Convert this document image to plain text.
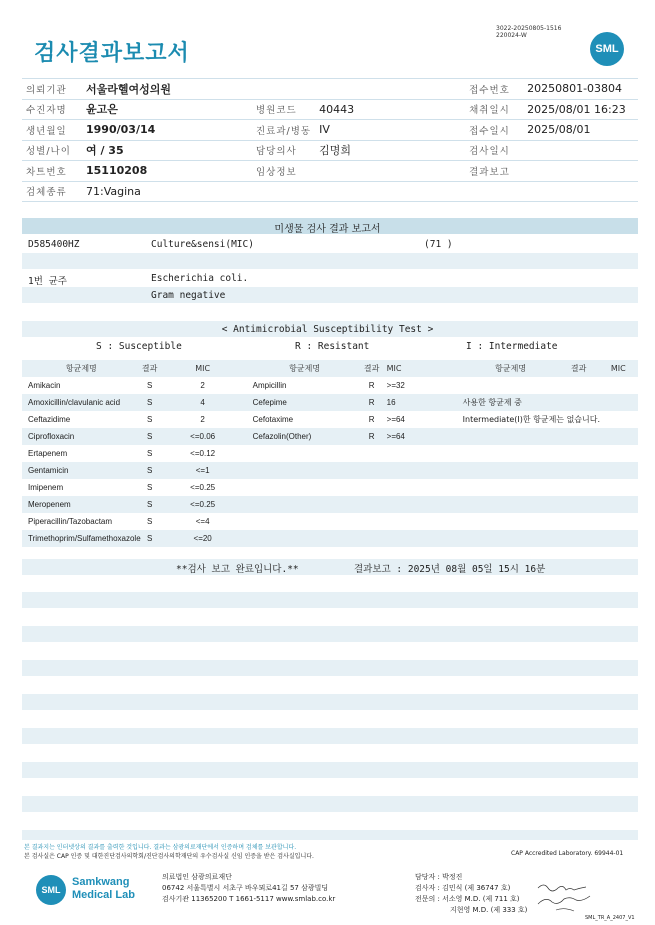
검사결과보고서
3022-20250805-1516
220024-W
SML
의뢰기관	서울라헬여성의원			접수번호	20250801-03804
수진자명	윤고은	병원코드	40443	채취일시	2025/08/01 16:23
생년월일	1990/03/14	진료과/병동	IV	접수일시	2025/08/01
성별/나이	여 / 35	담당의사	김명희	검사일시	
차트번호	15110208	임상정보		결과보고	
검체종류	71:Vagina				
미생물 검사 결과 보고서
D585400HZ	Culture&sensi(MIC)	(71 )
1번 균주	Escherichia coli.
Gram negative
< Antimicrobial Susceptibility Test >
S : Susceptible	R : Resistant	I : Intermediate
항균제명	결과	MIC	항균제명	결과	MIC	항균제명	결과	MIC
Amikacin	S	2	Ampicillin	R	>=32			
Amoxicillin/clavulanic acid	S	4	Cefepime	R	16	사용한 항균제 중		
Ceftazidime	S	2	Cefotaxime	R	>=64	Intermediate(I)한 항균제는 없습니다.		
Ciprofloxacin	S	<=0.06	Cefazolin(Other)	R	>=64			
Ertapenem	S	<=0.12						
Gentamicin	S	<=1						
Imipenem	S	<=0.25						
Meropenem	S	<=0.25						
Piperacillin/Tazobactam	S	<=4						
Trimethoprim/Sulfamethoxazole	S	<=20						
**검사 보고 완료입니다.**	결과보고 : 2025년 08월 05일 15시 16분
본 결과지는 인터넷상의 결과를 출력한 것입니다. 결과는 삼광의료재단에서 인증하며 검체를 보관합니다.
본 검사실은 CAP 인증 및 대한진단검사의학회/진단검사의학재단의 우수검사실 신임 인증을 받은 검사실입니다.	CAP Accredited Laboratory. 69944-01
SML
Samkwang
Medical Lab
의료법인 삼광의료재단
06742 서울특별시 서초구 바우뫼로41길 57 삼광빌딩
검사기관 11365200 T 1661-5117 www.smlab.co.kr
담당자 : 박정진
검사자 : 김민식 (제 36747 호)
전문의 : 서소영 M.D. (제 711 호)
지현영 M.D. (제 333 호)
SML_TR_A_2407_V1
